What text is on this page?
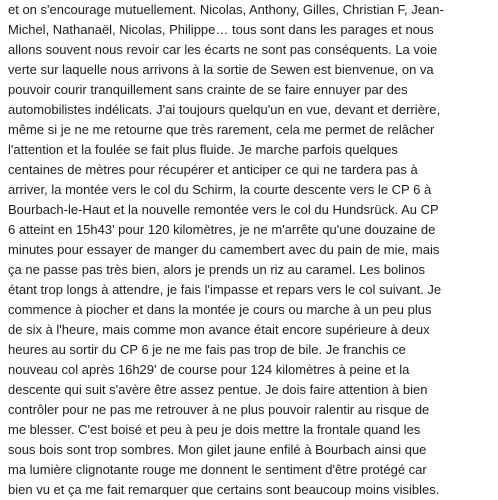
et on s'encourage mutuellement. Nicolas, Anthony, Gilles, Christian F, Jean-
Michel, Nathanaël, Nicolas, Philippe… tous sont dans les parages et nous
allons souvent nous revoir car les écarts ne sont pas conséquents. La voie
verte sur laquelle nous arrivons à la sortie de Sewen est bienvenue, on va
pouvoir courir tranquillement sans crainte de se faire ennuyer par des
automobilistes indélicats. J'ai toujours quelqu'un en vue, devant et derrière,
même si je ne me retourne que très rarement, cela me permet de relâcher
l'attention et la foulée se fait plus fluide. Je marche parfois quelques
centaines de mètres pour récupérer et anticiper ce qui ne tardera pas à
arriver, la montée vers le col du Schirm, la courte descente vers le CP 6 à
Bourbach-le-Haut et la nouvelle remontée vers le col du Hundsrück. Au CP
6 atteint en 15h43' pour 120 kilomètres, je ne m'arrête qu'une douzaine de
minutes pour essayer de manger du camembert avec du pain de mie, mais
ça ne passe pas très bien, alors je prends un riz au caramel. Les bolinos
étant trop longs à attendre, je fais l'impasse et repars vers le col suivant. Je
commence à piocher et dans la montée je cours ou marche à un peu plus
de six à l'heure, mais comme mon avance était encore supérieure à deux
heures au sortir du CP 6 je ne me fais pas trop de bile. Je franchis ce
nouveau col après 16h29' de course pour 124 kilomètres à peine et la
descente qui suit s'avère être assez pentue. Je dois faire attention à bien
contrôler pour ne pas me retrouver à ne plus pouvoir ralentir au risque de
me blesser. C'est boisé et peu à peu je dois mettre la frontale quand les
sous bois sont trop sombres. Mon gilet jaune enfilé à Bourbach ainsi que
ma lumière clignotante rouge me donnent le sentiment d'être protégé car
bien vu et ça me fait remarquer que certains sont beaucoup moins visibles.
